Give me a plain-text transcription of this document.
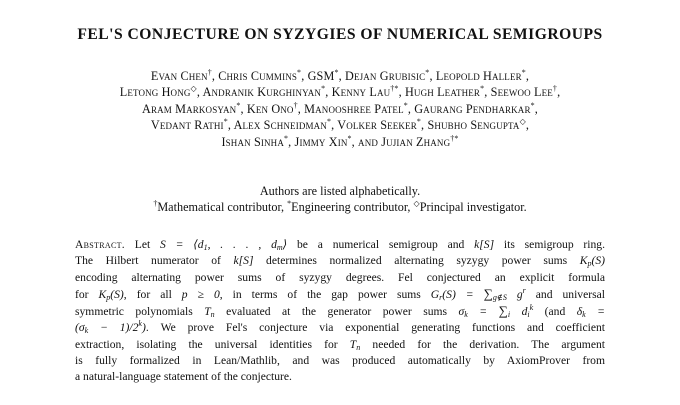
FEL'S CONJECTURE ON SYZYGIES OF NUMERICAL SEMIGROUPS
Evan Chen†, Chris Cummins*, GSM*, Dejan Grubisic*, Leopold Haller*,
Letong Hong◇, Andranik Kurghinyan*, Kenny Lau†*, Hugh Leather*, Seewoo Lee†,
Aram Markosyan*, Ken Ono†, Manooshree Patel*, Gaurang Pendharkar*,
Vedant Rathi*, Alex Schneidman*, Volker Seeker*, Shubho Sengupta◇,
Ishan Sinha*, Jimmy Xin*, and Jujian Zhang†*
Authors are listed alphabetically.
†Mathematical contributor, *Engineering contributor, ◇Principal investigator.
Abstract. Let $S = ⟨d_1$, . . . , $d_m⟩$ be a numerical semigroup and k[S] its semigroup ring.
The Hilbert numerator of k[S] determines normalized alternating syzygy power sums $K_p(S)$
encoding alternating power sums of syzygy degrees. Fel conjectured an explicit formula
for $K_p(S)$, for all p ≥ 0, in terms of the gap power sums $G_r(S) = \sum_{g\notin S}$ $g^r$ and universal
symmetric polynomials $T_n$ evaluated at the generator power sums $\sigma_k = \sum_i$ $d_i^k$ (and $\delta_k$ =
$(\sigma_k - 1)/2^k$). We prove Fel's conjecture via exponential generating functions and coefficient
extraction, isolating the universal identities for $T_n$ needed for the derivation. The argument
is fully formalized in Lean/Mathlib, and was produced automatically by AxiomProver from
a natural-language statement of the conjecture.
